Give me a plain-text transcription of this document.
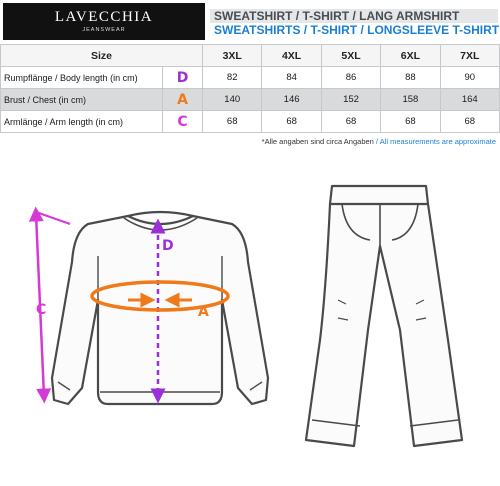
LAVECCHIA
JEANSWEAR
SWEATSHIRT / T-SHIRT / LANG ARMSHIRT
SWEATSHIRTS / T-SHIRT / LONGSLEEVE T-SHIRT
Size		3XL	4XL	5XL	6XL	7XL
Rumpflänge / Body length (in cm)	D	82	84	86	88	90
Brust / Chest (in cm)	A	140	146	152	158	164
Armlänge / Arm length (in cm)	C	68	68	68	68	68
*Alle angaben sind circa Angaben / All measurements are approximate
D
A
C
